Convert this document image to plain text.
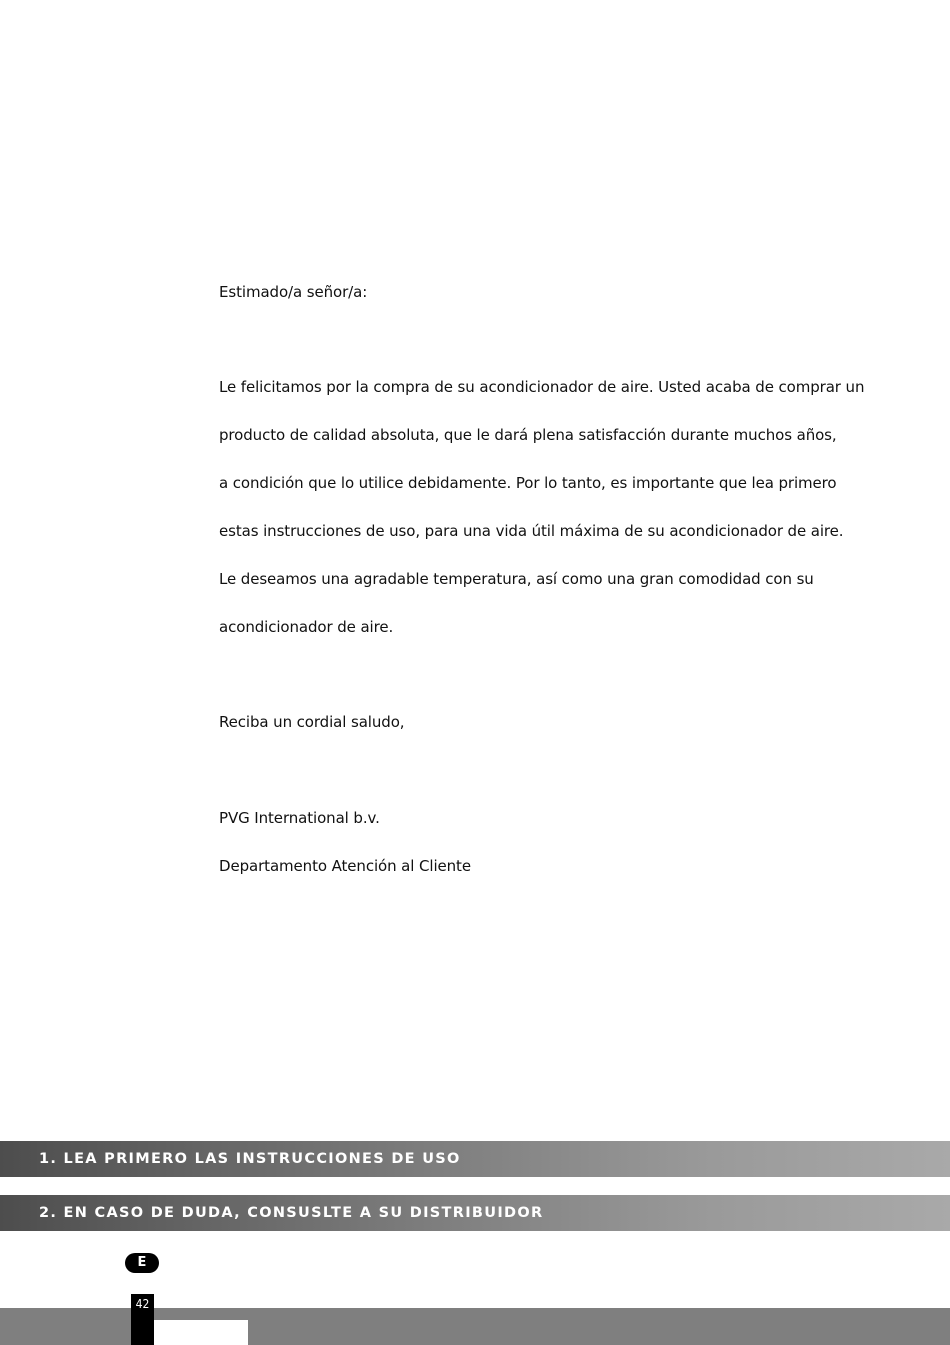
Estimado/a señor/a:
Le felicitamos por la compra de su acondicionador de aire. Usted acaba de comprar un
producto de calidad absoluta, que le dará plena satisfacción durante muchos años,
a condición que lo utilice debidamente. Por lo tanto, es importante que lea primero
estas instrucciones de uso, para una vida útil máxima de su acondicionador de aire.
Le deseamos una agradable temperatura, así como una gran comodidad con su
acondicionador de aire.
Reciba un cordial saludo,
PVG International b.v.
Departamento Atención al Cliente
1. LEA PRIMERO LAS INSTRUCCIONES DE USO
2. EN CASO DE DUDA, CONSUSLTE A SU DISTRIBUIDOR
E
42
